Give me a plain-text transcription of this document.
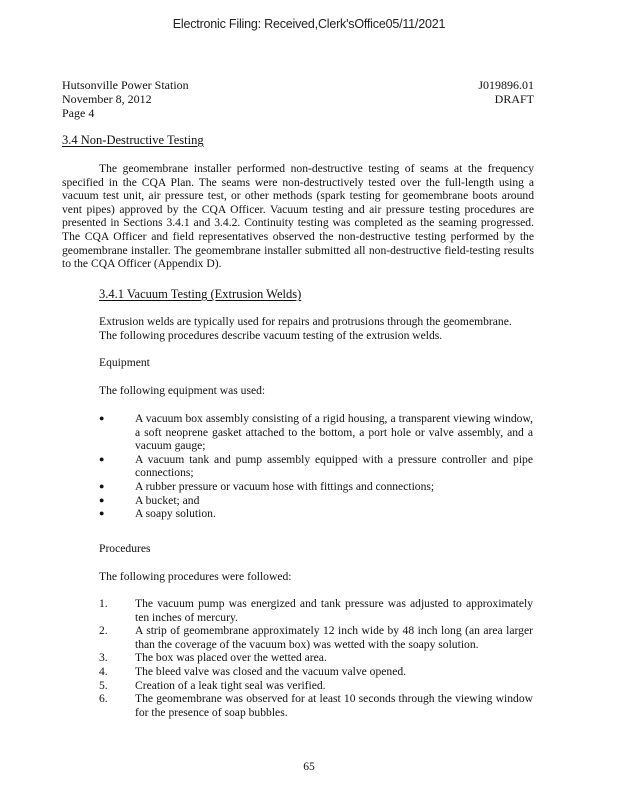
Electronic Filing: Received,Clerk'sOffice05/11/2021
Hutsonville Power Station
November 8, 2012
Page 4
J019896.01
DRAFT
3.4 Non-Destructive Testing

The geomembrane installer performed non-destructive testing of seams at the frequency specified in the CQA Plan. The seams were non-destructively tested over the full-length using a vacuum test unit, air pressure test, or other methods (spark testing for geomembrane boots around vent pipes) approved by the CQA Officer. Vacuum testing and air pressure testing procedures are presented in Sections 3.4.1 and 3.4.2. Continuity testing was completed as the seaming progressed. The CQA Officer and field representatives observed the non-destructive testing performed by the geomembrane installer. The geomembrane installer submitted all non-destructive field-testing results to the CQA Officer (Appendix D).

3.4.1 Vacuum Testing (Extrusion Welds)

Extrusion welds are typically used for repairs and protrusions through the geomembrane. The following procedures describe vacuum testing of the extrusion welds.

Equipment
The following equipment was used:
●	A vacuum box assembly consisting of a rigid housing, a transparent viewing window, a soft neoprene gasket attached to the bottom, a port hole or valve assembly, and a vacuum gauge;
●	A vacuum tank and pump assembly equipped with a pressure controller and pipe connections;
●	A rubber pressure or vacuum hose with fittings and connections;
●	A bucket; and
●	A soapy solution.
Procedures
The following procedures were followed:
1. The vacuum pump was energized and tank pressure was adjusted to approximately ten inches of mercury.
2. A strip of geomembrane approximately 12 inch wide by 48 inch long (an area larger than the coverage of the vacuum box) was wetted with the soapy solution.
3. The box was placed over the wetted area.
4. The bleed valve was closed and the vacuum valve opened.
5. Creation of a leak tight seal was verified.
6. The geomembrane was observed for at least 10 seconds through the viewing window for the presence of soap bubbles.
65
